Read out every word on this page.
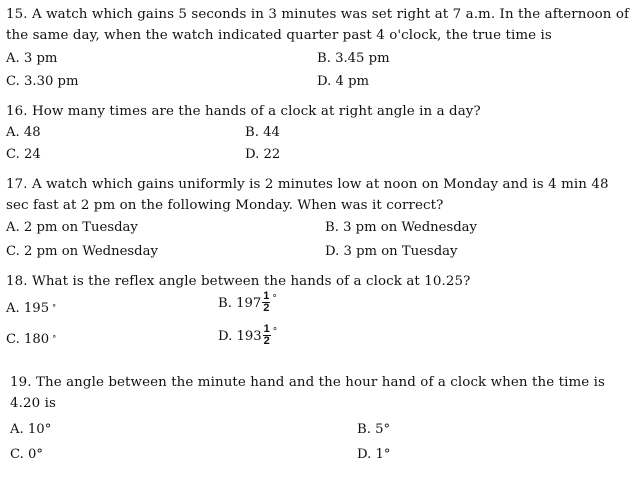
15. A watch which gains 5 seconds in 3 minutes was set right at 7 a.m. In the afternoon of the same day, when the watch indicated quarter past 4 o'clock, the true time is
A. 3 pm	B. 3.45 pm
C. 3.30 pm	D. 4 pm
16. How many times are the hands of a clock at right angle in a day?
A. 48	B. 44
C. 24	D. 22
17. A watch which gains uniformly is 2 minutes low at noon on Monday and is 4 min 48 sec fast at 2 pm on the following Monday. When was it correct?
A. 2 pm on Tuesday	B. 3 pm on Wednesday
C. 2 pm on Wednesday	D. 3 pm on Tuesday
18. What is the reflex angle between the hands of a clock at 10.25?
A. 195 °	B. $197 \frac{1}{2}$ °
C. 180 °	D. $193 \frac{1}{2}$ °
19. The angle between the minute hand and the hour hand of a clock when the time is 4.20 is
A. 10°	B. 5°
C. 0°	D. 1°
